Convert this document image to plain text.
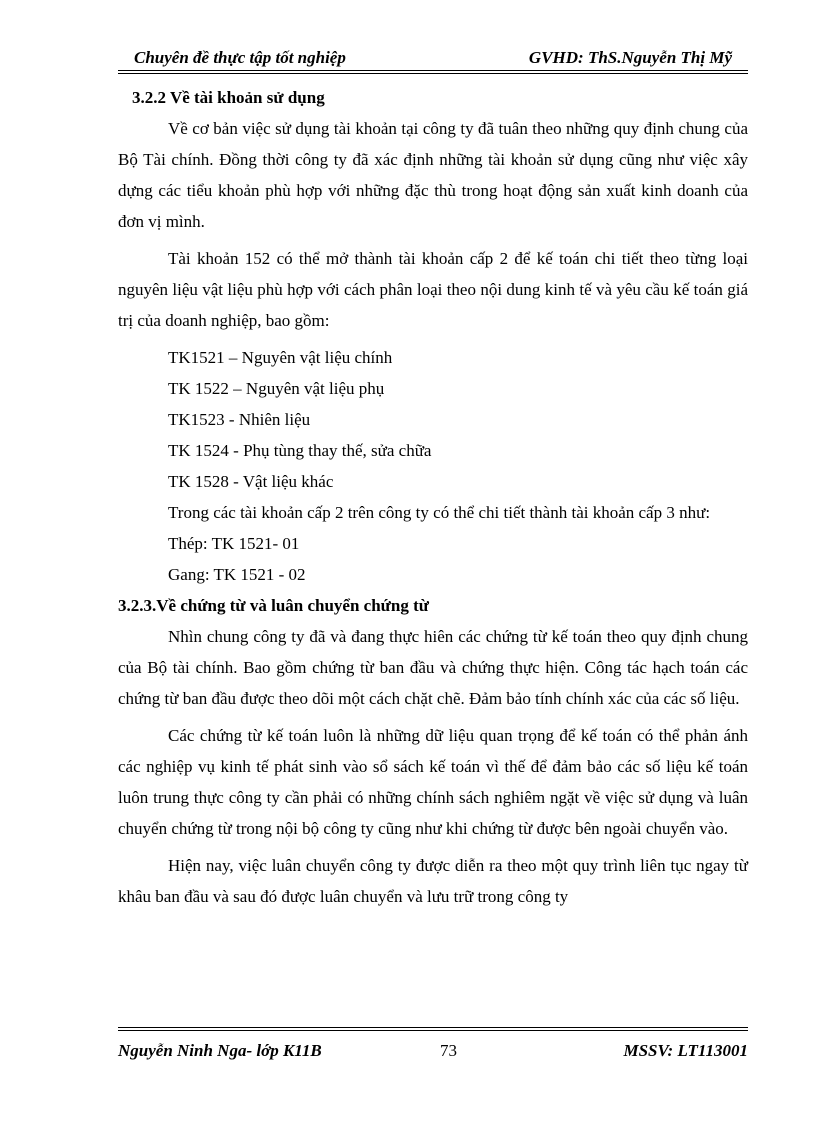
Chuyên đề thực tập tốt nghiệp	GVHD: ThS.Nguyễn Thị Mỹ

3.2.2 Về tài khoản sử dụng

Về cơ bản việc sử dụng tài khoản tại công ty đã tuân theo những quy định chung của Bộ Tài chính. Đồng thời công ty đã xác định những tài khoản sử dụng cũng như việc xây dựng các tiểu khoản phù hợp với những đặc thù trong hoạt động sản xuất kinh doanh của đơn vị mình.

Tài khoản 152 có thể mở thành tài khoản cấp 2 để kế toán chi tiết theo từng loại nguyên liệu vật liệu phù hợp với cách phân loại theo nội dung kinh tế và yêu cầu kế toán giá trị của doanh nghiệp, bao gồm:

TK1521 – Nguyên vật liệu chính

TK 1522 – Nguyên vật liệu phụ

TK1523 - Nhiên liệu

TK 1524 - Phụ tùng thay thế, sửa chữa

TK 1528 - Vật liệu khác

Trong các tài khoản cấp 2 trên công ty có thể chi tiết thành tài khoản cấp 3 như:

Thép: TK 1521- 01

Gang: TK 1521 - 02

3.2.3.Về chứng từ và luân chuyển chứng từ

Nhìn chung công ty đã và đang thực hiên các chứng từ kế toán theo quy định chung của Bộ tài chính. Bao gồm chứng từ ban đầu và chứng thực hiện. Công tác hạch toán các chứng từ ban đầu được theo dõi một cách chặt chẽ. Đảm bảo tính chính xác của các số liệu.

Các chứng từ kế toán luôn là những dữ liệu quan trọng để kế toán có thể phản ánh các nghiệp vụ kinh tế phát sinh vào sổ sách kế toán vì thế để đảm bảo các số liệu kế toán luôn trung thực công ty cần phải có những chính sách nghiêm ngặt về việc sử dụng và luân chuyển chứng từ trong nội bộ công ty cũng như khi chứng từ được bên ngoài chuyển vào.

Hiện nay, việc luân chuyển công ty được diễn ra theo một quy trình liên tục ngay từ khâu ban đầu và sau đó được luân chuyển và lưu trữ trong công ty

Nguyễn Ninh Nga- lớp K11B	73	MSSV: LT113001
